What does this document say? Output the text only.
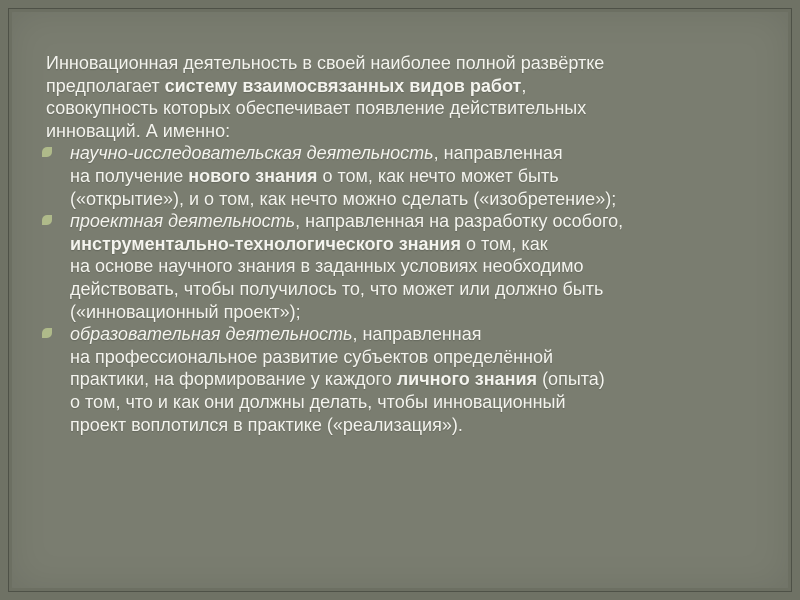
Инновационная деятельность в своей наиболее полной развёртке
предполагает систему взаимосвязанных видов работ,
совокупность которых обеспечивает появление действительных
инноваций. А именно:
научно-исследовательская деятельность, направленная
на получение нового знания о том, как нечто может быть
(«открытие»), и о том, как нечто можно сделать («изобретение»);
проектная деятельность, направленная на разработку особого,
инструментально-технологического знания о том, как
на основе научного знания в заданных условиях необходимо
действовать, чтобы получилось то, что может или должно быть
(«инновационный проект»);
образовательная деятельность, направленная
на профессиональное развитие субъектов определённой
практики, на формирование у каждого личного знания (опыта)
о том, что и как они должны делать, чтобы инновационный
проект воплотился в практике («реализация»).
